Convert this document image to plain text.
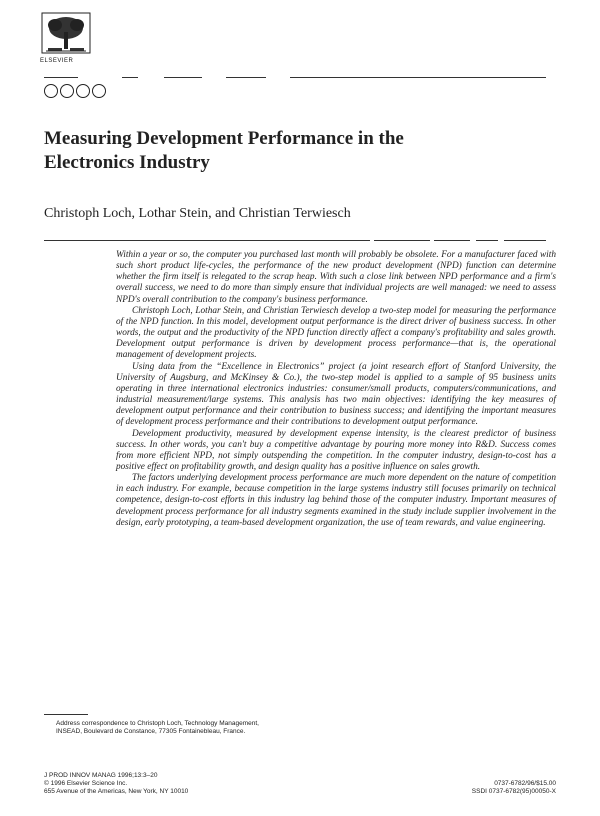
ELSEVIER
Measuring Development Performance in the
Electronics Industry
Christoph Loch, Lothar Stein, and Christian Terwiesch

Within a year or so, the computer you purchased last month will probably be obsolete. For a manufacturer faced with such short product life-cycles, the performance of the new product development (NPD) function can determine whether the firm itself is relegated to the scrap heap. With such a close link between NPD performance and a firm's overall success, we need to do more than simply ensure that individual projects are well managed: we need to assess NPD's overall contribution to the company's business performance.

Christoph Loch, Lothar Stein, and Christian Terwiesch develop a two-step model for measuring the performance of the NPD function. In this model, development output performance is the direct driver of business success. In other words, the output and the productivity of the NPD function directly affect a company's profitability and sales growth. Development output performance is driven by development process performance—that is, the operational management of development projects.

Using data from the “Excellence in Electronics” project (a joint research effort of Stanford University, the University of Augsburg, and McKinsey & Co.), the two-step model is applied to a sample of 95 business units operating in three international electronics industries: consumer/small products, computers/communications, and industrial measurement/large systems. This analysis has two main objectives: identifying the key measures of development output performance and their contribution to business success; and identifying the important measures of development process performance and their contributions to development output performance.

Development productivity, measured by development expense intensity, is the clearest predictor of business success. In other words, you can't buy a competitive advantage by pouring more money into R&D. Success comes from more efficient NPD, not simply outspending the competition. In the computer industry, design-to-cost has a positive effect on profitability growth, and design quality has a positive influence on sales growth.

The factors underlying development process performance are much more dependent on the nature of competition in each industry. For example, because competition in the large systems industry still focuses primarily on technical competence, design-to-cost efforts in this industry lag behind those of the computer industry. Important measures of development process performance for all industry segments examined in the study include supplier involvement in the design, early prototyping, a team-based development organization, the use of team rewards, and value engineering.

Address correspondence to Christoph Loch, Technology Management,
INSEAD, Boulevard de Constance, 77305 Fontainebleau, France.
J PROD INNOV MANAG 1996;13:3–20
© 1996 Elsevier Science Inc.
655 Avenue of the Americas, New York, NY 10010
0737-6782/96/$15.00
SSDI 0737-6782(95)00050-X
